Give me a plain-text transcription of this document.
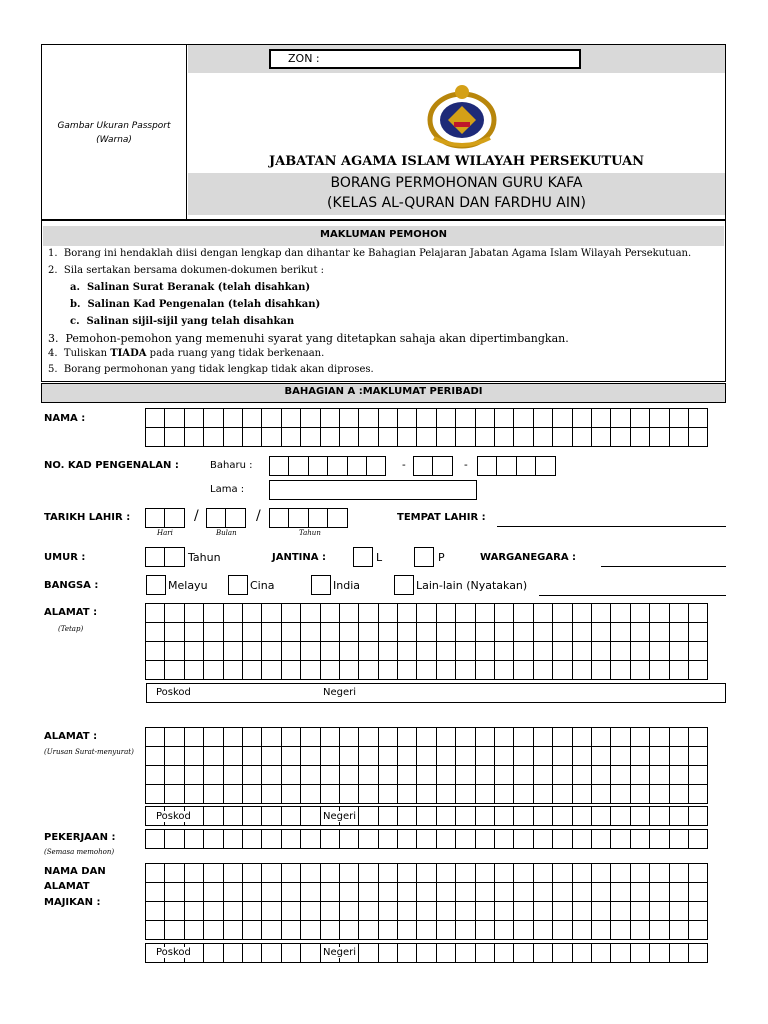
Gambar Ukuran Passport
(Warna)
ZON :
JABATAN AGAMA ISLAM WILAYAH PERSEKUTUAN
BORANG PERMOHONAN GURU KAFA
(KELAS AL-QURAN DAN FARDHU AIN)
MAKLUMAN PEMOHON
1. Borang ini hendaklah diisi dengan lengkap dan dihantar ke Bahagian Pelajaran Jabatan Agama Islam Wilayah Persekutuan.
2. Sila sertakan bersama dokumen-dokumen berikut :
a. Salinan Surat Beranak (telah disahkan)
b. Salinan Kad Pengenalan (telah disahkan)
c. Salinan sijil-sijil yang telah disahkan
3. Pemohon-pemohon yang memenuhi syarat yang ditetapkan sahaja akan dipertimbangkan.
4. Tuliskan TIADA pada ruang yang tidak berkenaan.
5. Borang permohonan yang tidak lengkap tidak akan diproses.
BAHAGIAN A :MAKLUMAT PERIBADI
NAMA :
NO. KAD PENGENALAN :	Baharu :	-	-
Lama :
TARIKH LAHIR :	/	/
Hari	Bulan	Tahun
TEMPAT LAHIR :
UMUR :	Tahun	JANTINA :	L	P	WARGANEGARA :
BANGSA :	Melayu	Cina	India	Lain-lain (Nyatakan)
ALAMAT :
(Tetap)
Poskod	Negeri
ALAMAT :
(Urusan Surat-menyurat)
Poskod	Negeri
PEKERJAAN :
(Semasa memohon)
NAMA DAN
ALAMAT
MAJIKAN :
Poskod	Negeri
